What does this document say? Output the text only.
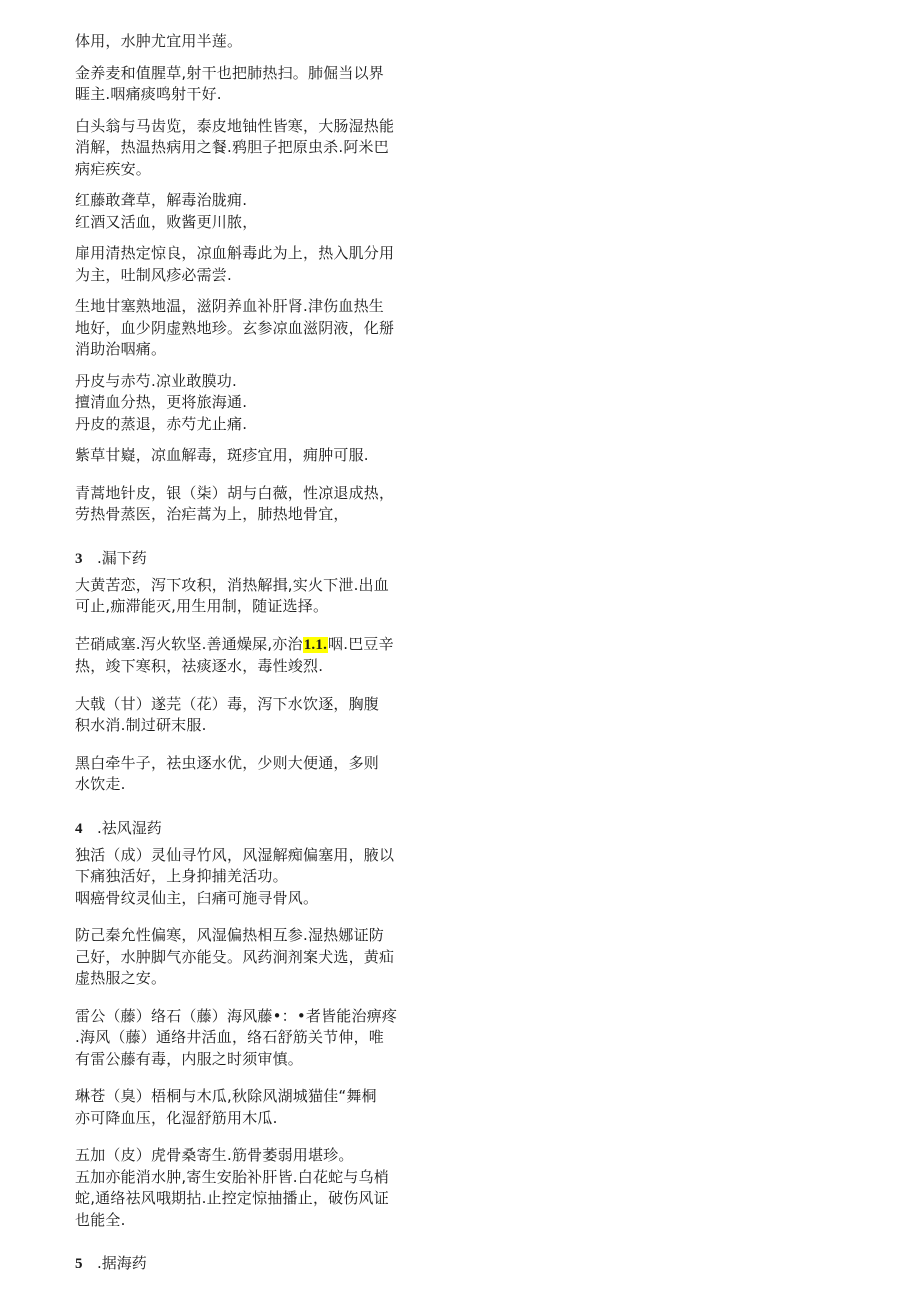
体用，水肿尤宜用半莲。
金养麦和值腥草,射干也把肺热扫。肺倔当以界
睚主.咽痛痰鸣射干好.
白头翁与马齿览，泰皮地铀性皆寒，大肠湿热能
消解，热温热病用之餐.鸦胆子把原虫杀.阿米巴
病疟疾安。
红藤敢聋草，解毒治胧痈.
红酒又活血，败酱更川脓，
扉用清热定惊良，凉血斛毒此为上，热入肌分用
为主，吐制风疹必需尝.
生地甘塞熟地温，滋阴养血补肝肾.津伤血热生
地好，血少阴虚熟地珍。玄参凉血滋阴液，化掰
消助治咽痛。
丹皮与赤芍.凉业敢膜功.
擅清血分热，更将旅海通.
丹皮的蒸退，赤芍尤止痛.
紫草甘嶷，凉血解毒，斑疹宜用，痈肿可服.
青蒿地针皮，银（柒）胡与白薇，性凉退成热，
劳热骨蒸医，治疟蒿为上，肺热地骨宜，
3 .漏下药
大黄苦恋，泻下攻积，消热解揖,实火下泄.出血
可止,痂滞能灭,用生用制，随证选择。
芒硝咸塞.泻火软坚.善通燥屎,亦治1.1.咽.巴豆辛
热，竣下寒积，祛痰逐水，毒性竣烈.
大戟（甘）遂芫（花）毒，泻下水饮逐，胸腹
积水消.制过研末服.
黑白牵牛子，祛虫逐水优，少则大便通，多则
水饮走.
4 .祛风湿药
独活（成）灵仙寻竹风，风湿解痴偏塞用，腋以
下痛独活好，上身抑捕羌活功。
咽癌骨纹灵仙主，臼痛可施寻骨风。
防己秦允性偏寒，风湿偏热相互参.湿热娜证防
己好，水肿脚气亦能殳。风药涧剂案犬选，黄疝
虚热服之安。
雷公（藤）络石（藤）海风藤•：•者皆能治痹疼
.海风（藤）通络井活血，络石舒筋关节伸，唯
有雷公藤有毒，内服之时须审慎。
琳苍（臭）梧桐与木瓜,秋除风湖城猫佳“舞桐
亦可降血压，化湿舒筋用木瓜.
五加（皮）虎骨桑寄生.筋骨萎弱用堪珍。
五加亦能消水肿,寄生安胎补肝皆.白花蛇与乌梢
蛇,通络祛风哦期拈.止控定惊抽播止，破伤风证
也能全.
5 .据海药
